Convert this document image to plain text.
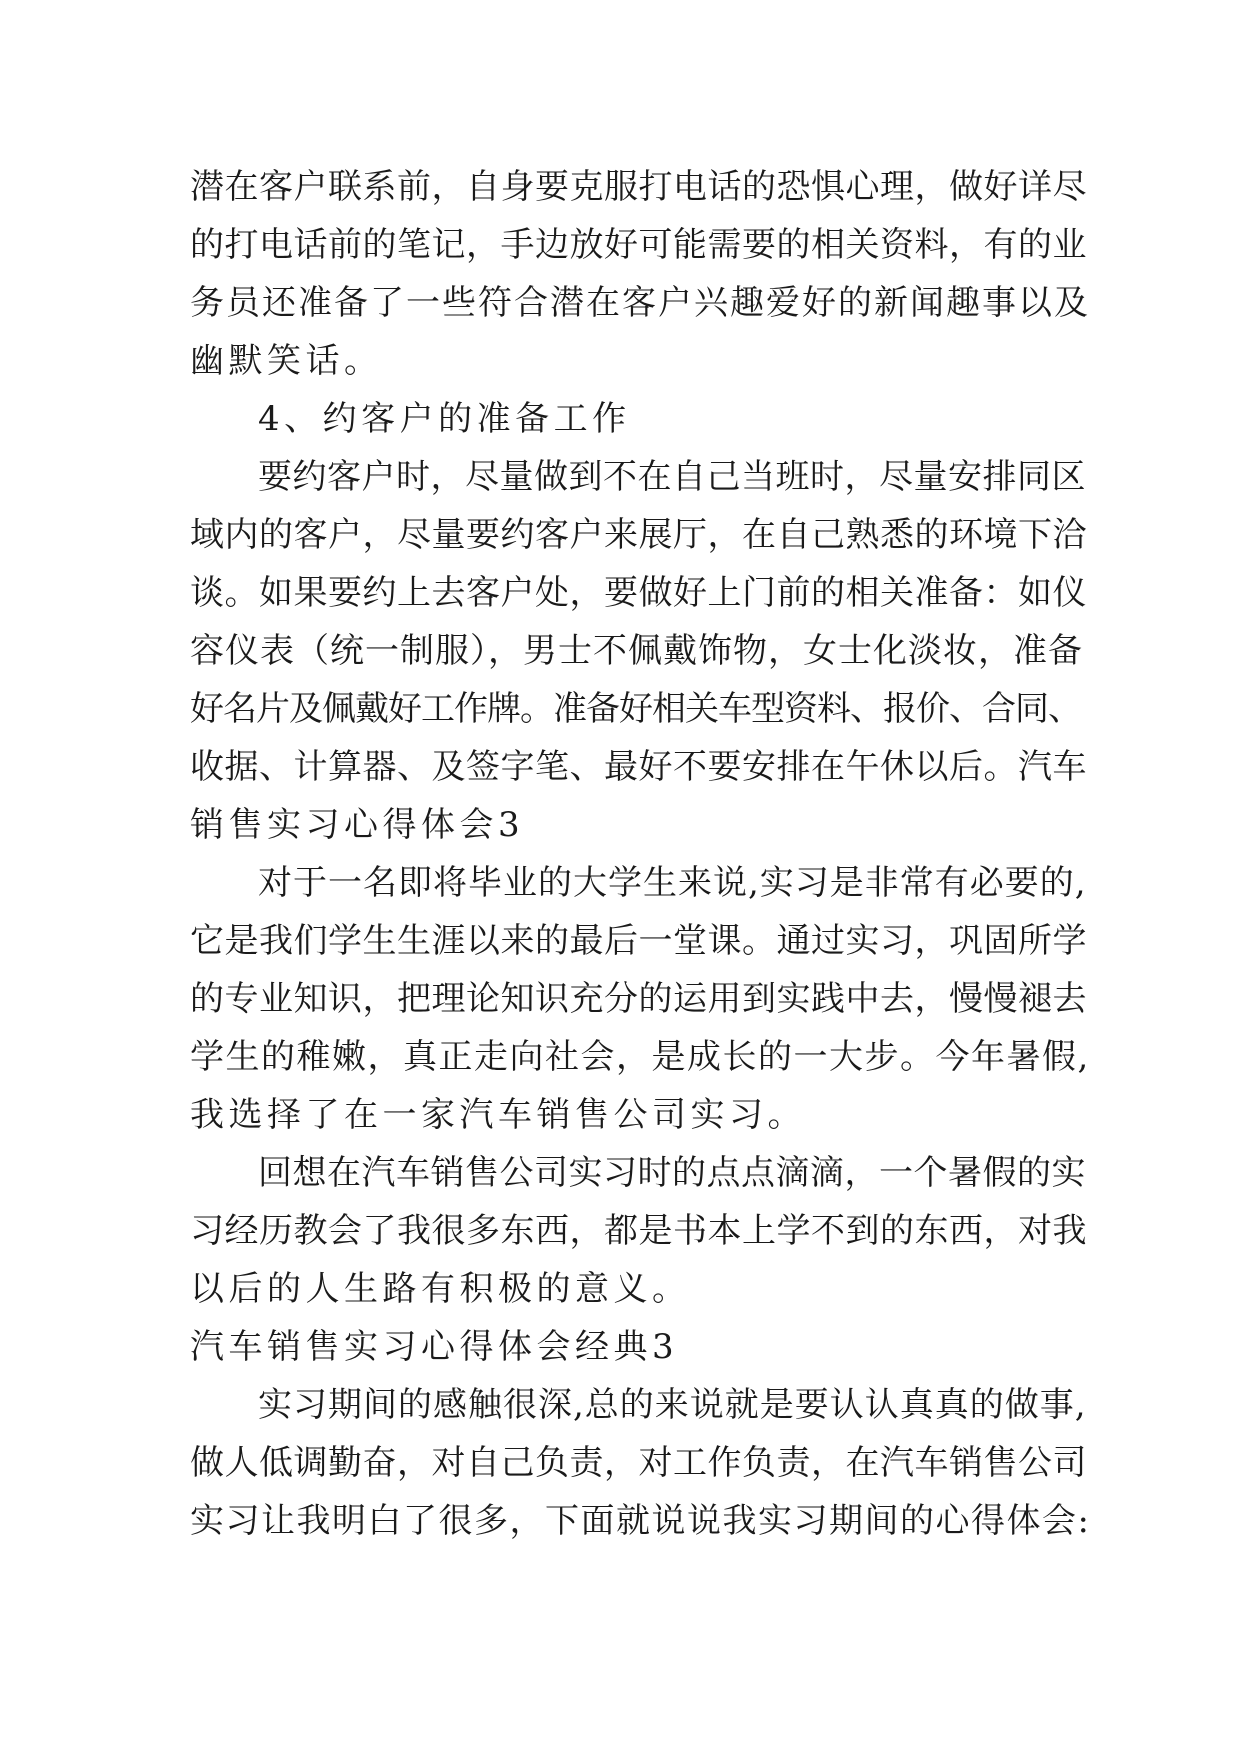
潜在客户联系前，自身要克服打电话的恐惧心理，做好详尽
的打电话前的笔记，手边放好可能需要的相关资料，有的业
务员还准备了一些符合潜在客户兴趣爱好的新闻趣事以及
幽默笑话。
4、约客户的准备工作
要约客户时，尽量做到不在自己当班时，尽量安排同区
域内的客户，尽量要约客户来展厅，在自己熟悉的环境下洽
谈。如果要约上去客户处，要做好上门前的相关准备：如仪
容仪表（统一制服），男士不佩戴饰物，女士化淡妆，准备
好名片及佩戴好工作牌。准备好相关车型资料、报价、合同、
收据、计算器、及签字笔、最好不要安排在午休以后。汽车
销售实习心得体会3
对于一名即将毕业的大学生来说,实习是非常有必要的,
它是我们学生生涯以来的最后一堂课。通过实习，巩固所学
的专业知识，把理论知识充分的运用到实践中去，慢慢褪去
学生的稚嫩，真正走向社会，是成长的一大步。今年暑假,
我选择了在一家汽车销售公司实习。
回想在汽车销售公司实习时的点点滴滴，一个暑假的实
习经历教会了我很多东西，都是书本上学不到的东西，对我
以后的人生路有积极的意义。
汽车销售实习心得体会经典3
实习期间的感触很深,总的来说就是要认认真真的做事,
做人低调勤奋，对自己负责，对工作负责，在汽车销售公司
实习让我明白了很多，下面就说说我实习期间的心得体会:
